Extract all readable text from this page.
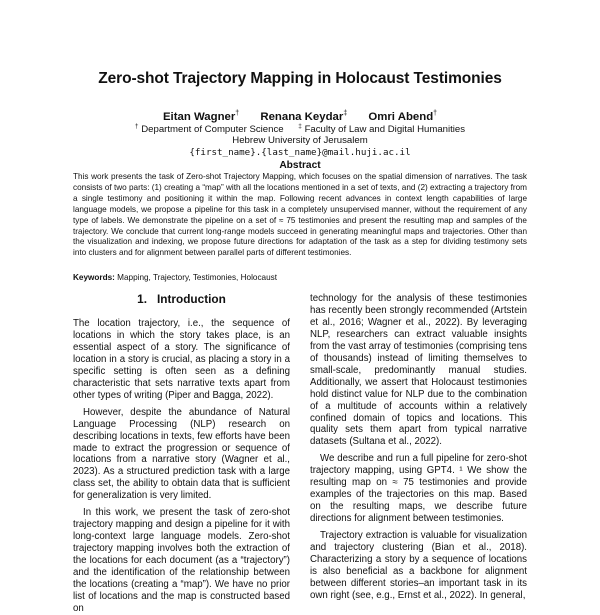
Zero-shot Trajectory Mapping in Holocaust Testimonies
Eitan Wagner† Renana Keydar‡ Omri Abend†
† Department of Computer Science ‡ Faculty of Law and Digital Humanities
Hebrew University of Jerusalem
{first_name}.{last_name}@mail.huji.ac.il
Abstract
This work presents the task of Zero-shot Trajectory Mapping, which focuses on the spatial dimension of narratives. The task consists of two parts: (1) creating a “map” with all the locations mentioned in a set of texts, and (2) extracting a trajectory from a single testimony and positioning it within the map. Following recent advances in context length capabilities of large language models, we propose a pipeline for this task in a completely unsupervised manner, without the requirement of any type of labels. We demonstrate the pipeline on a set of ≈ 75 testimonies and present the resulting map and samples of the trajectory. We conclude that current long-range models succeed in generating meaningful maps and trajectories. Other than the visualization and indexing, we propose future directions for adaptation of the task as a step for dividing testimony sets into clusters and for alignment between parallel parts of different testimonies.
Keywords: Mapping, Trajectory, Testimonies, Holocaust
1. Introduction

The location trajectory, i.e., the sequence of locations in which the story takes place, is an essential aspect of a story. The significance of location in a story is crucial, as placing a story in a specific setting is often seen as a defining characteristic that sets narrative texts apart from other types of writing (Piper and Bagga, 2022).

However, despite the abundance of Natural Language Processing (NLP) research on describing locations in texts, few efforts have been made to extract the progression or sequence of locations from a narrative story (Wagner et al., 2023). As a structured prediction task with a large class set, the ability to obtain data that is sufficient for generalization is very limited.

In this work, we present the task of zero-shot trajectory mapping and design a pipeline for it with long-context large language models. Zero-shot trajectory mapping involves both the extraction of the locations for each document (as a “trajectory”) and the identification of the relationship between the locations (creating a “map”). We have no prior list of locations and the map is constructed based on

technology for the analysis of these testimonies has recently been strongly recommended (Artstein et al., 2016; Wagner et al., 2022). By leveraging NLP, researchers can extract valuable insights from the vast array of testimonies (comprising tens of thousands) instead of limiting themselves to small-scale, predominantly manual studies. Additionally, we assert that Holocaust testimonies hold distinct value for NLP due to the combination of a multitude of accounts within a relatively confined domain of topics and locations. This quality sets them apart from typical narrative datasets (Sultana et al., 2022).

We describe and run a full pipeline for zero-shot trajectory mapping, using GPT4. ¹ We show the resulting map on ≈ 75 testimonies and provide examples of the trajectories on this map. Based on the resulting maps, we describe future directions for alignment between testimonies.

Trajectory extraction is valuable for visualization and trajectory clustering (Bian et al., 2018). Characterizing a story by a sequence of locations is also beneficial as a backbone for alignment between different stories–an important task in its own right (see, e.g., Ernst et al., 2022). In general,
